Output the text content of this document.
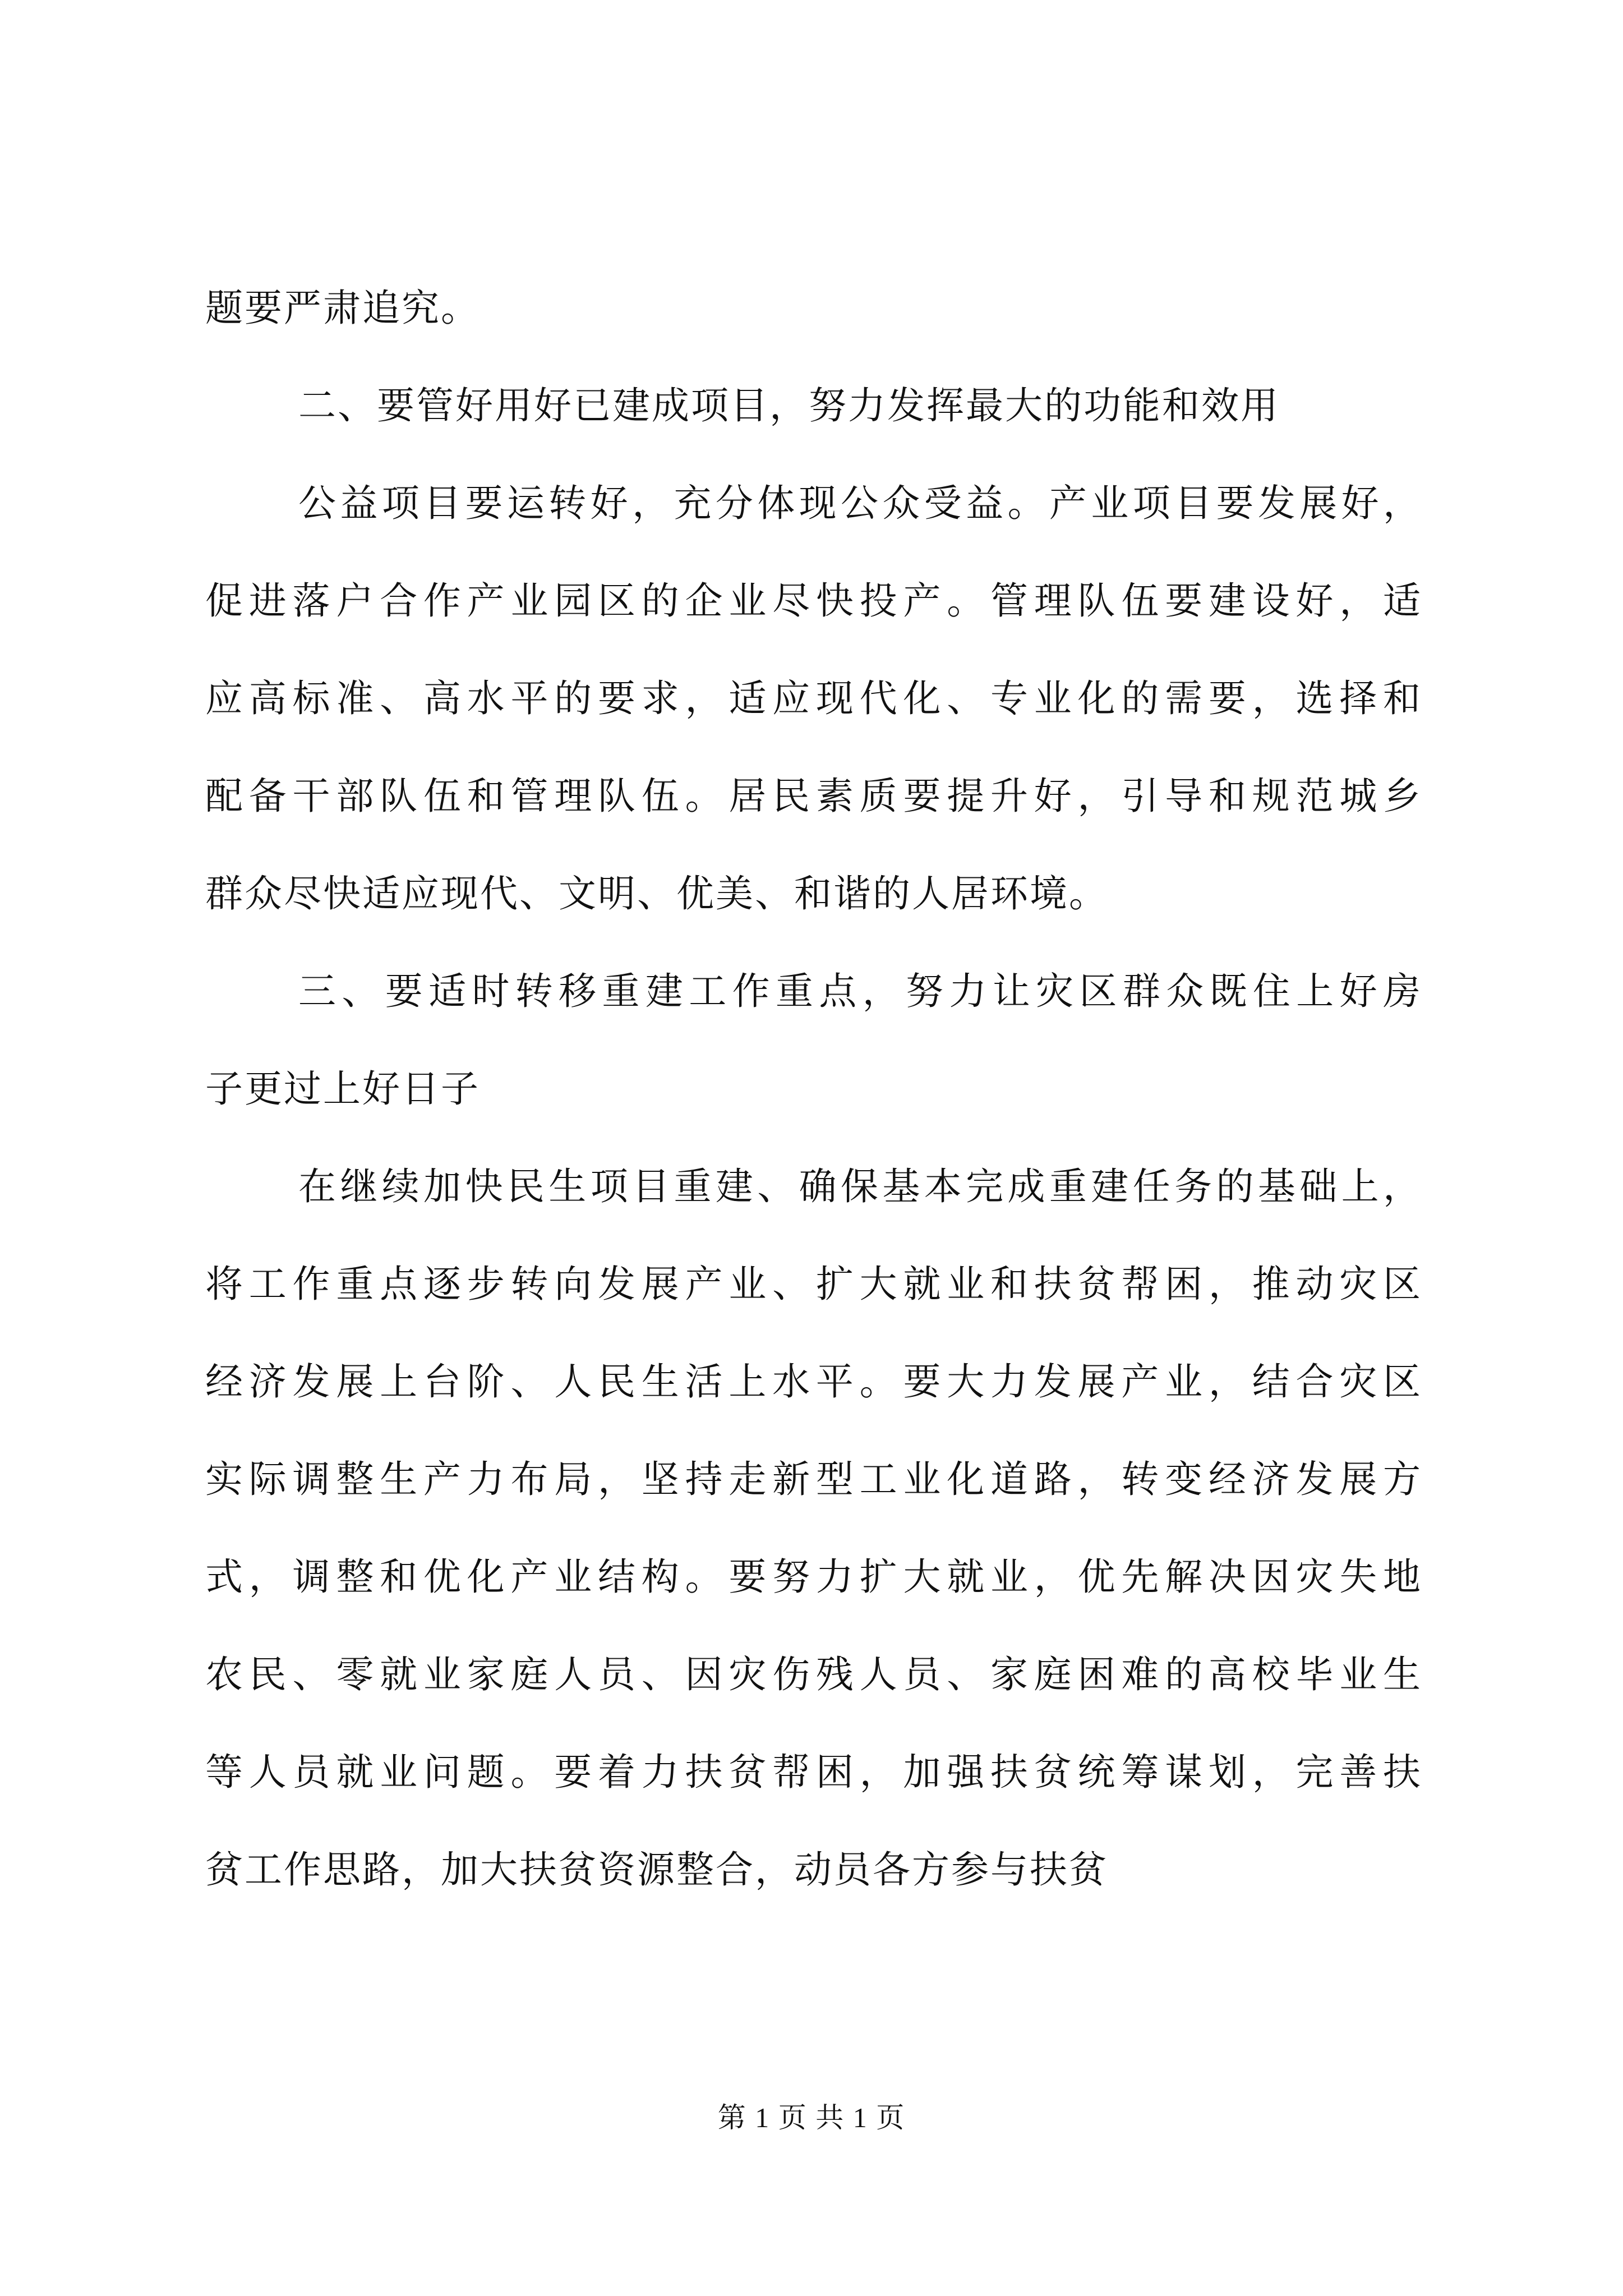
题要严肃追究。
二、要管好用好已建成项目，努力发挥最大的功能和效用
公益项目要运转好，充分体现公众受益。产业项目要发展好，
促进落户合作产业园区的企业尽快投产。管理队伍要建设好，适
应高标准、高水平的要求，适应现代化、专业化的需要，选择和
配备干部队伍和管理队伍。居民素质要提升好，引导和规范城乡
群众尽快适应现代、文明、优美、和谐的人居环境。
三、要适时转移重建工作重点，努力让灾区群众既住上好房
子更过上好日子
在继续加快民生项目重建、确保基本完成重建任务的基础上，
将工作重点逐步转向发展产业、扩大就业和扶贫帮困，推动灾区
经济发展上台阶、人民生活上水平。要大力发展产业，结合灾区
实际调整生产力布局，坚持走新型工业化道路，转变经济发展方
式，调整和优化产业结构。要努力扩大就业，优先解决因灾失地
农民、零就业家庭人员、因灾伤残人员、家庭困难的高校毕业生
等人员就业问题。要着力扶贫帮困，加强扶贫统筹谋划，完善扶
贫工作思路，加大扶贫资源整合，动员各方参与扶贫
第 1 页 共 1 页
